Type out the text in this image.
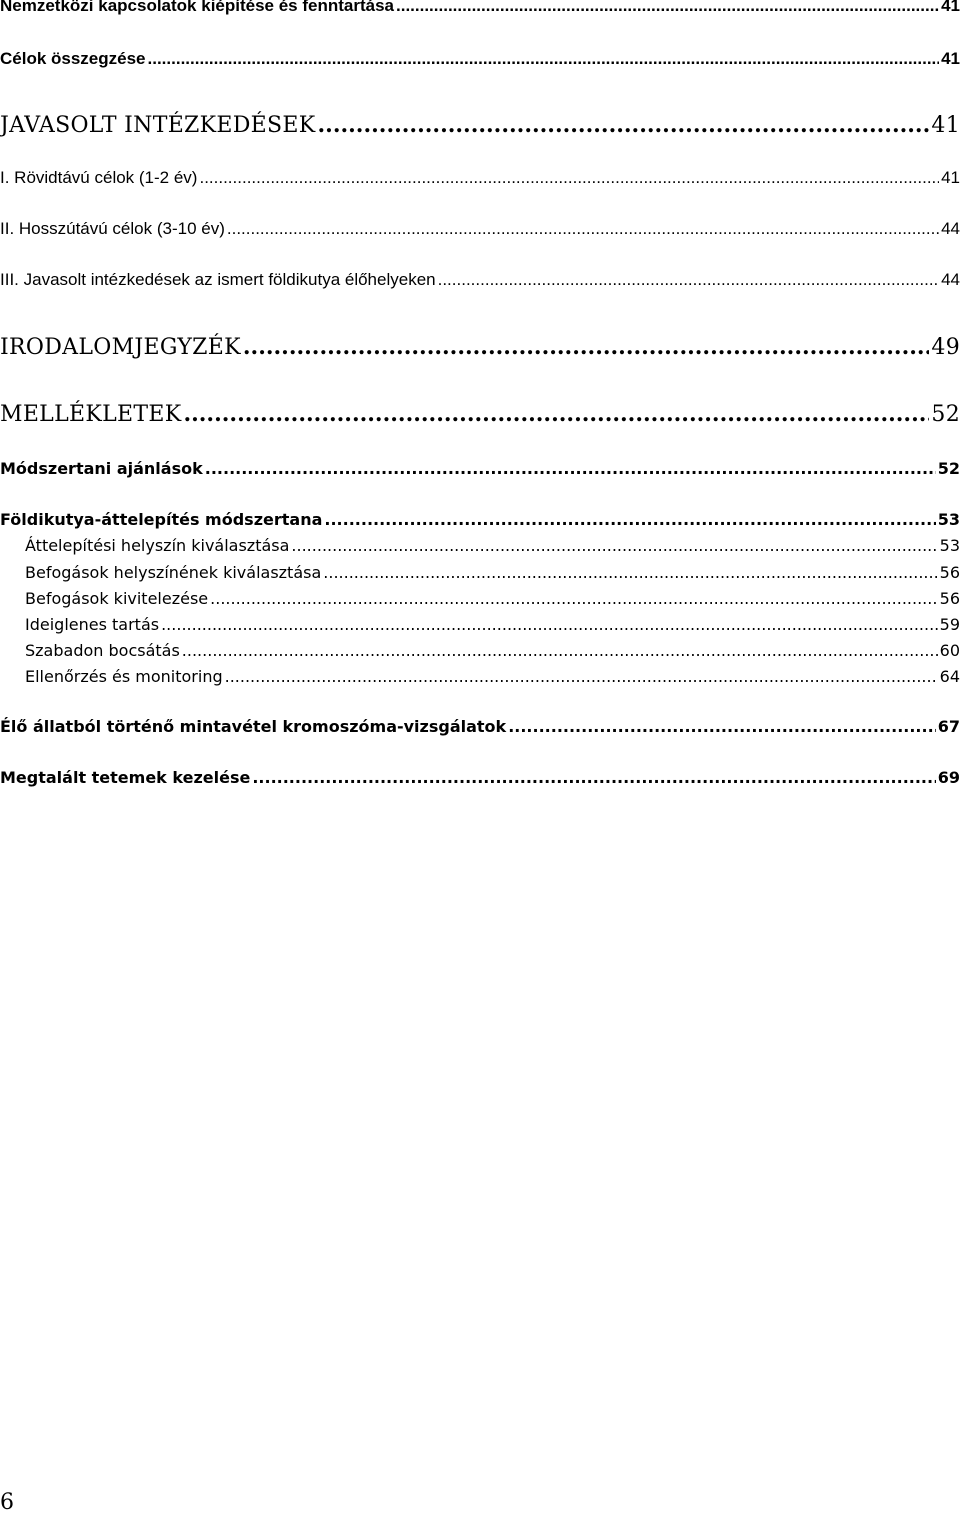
Nemzetközi kapcsolatok kiépítése és fenntartása .....	41
Célok összegzése .....	41
JAVASOLT INTÉZKEDÉSEK .....	41
I. Rövidtávú célok (1-2 év) .....	41
II. Hosszútávú célok (3-10 év) .....	44
III. Javasolt intézkedések az ismert földikutya élőhelyeken .....	44
IRODALOMJEGYZÉK .....	49
MELLÉKLETEK .....	52
Módszertani ajánlások .....	52
Földikutya-áttelepítés módszertana .....	53
Áttelepítési helyszín kiválasztása .....	53
Befogások helyszínének kiválasztása .....	56
Befogások kivitelezése .....	56
Ideiglenes tartás .....	59
Szabadon bocsátás .....	60
Ellenőrzés és monitoring .....	64
Élő állatból történő mintavétel kromoszóma-vizsgálatok .....	67
Megtalált tetemek kezelése .....	69
6
